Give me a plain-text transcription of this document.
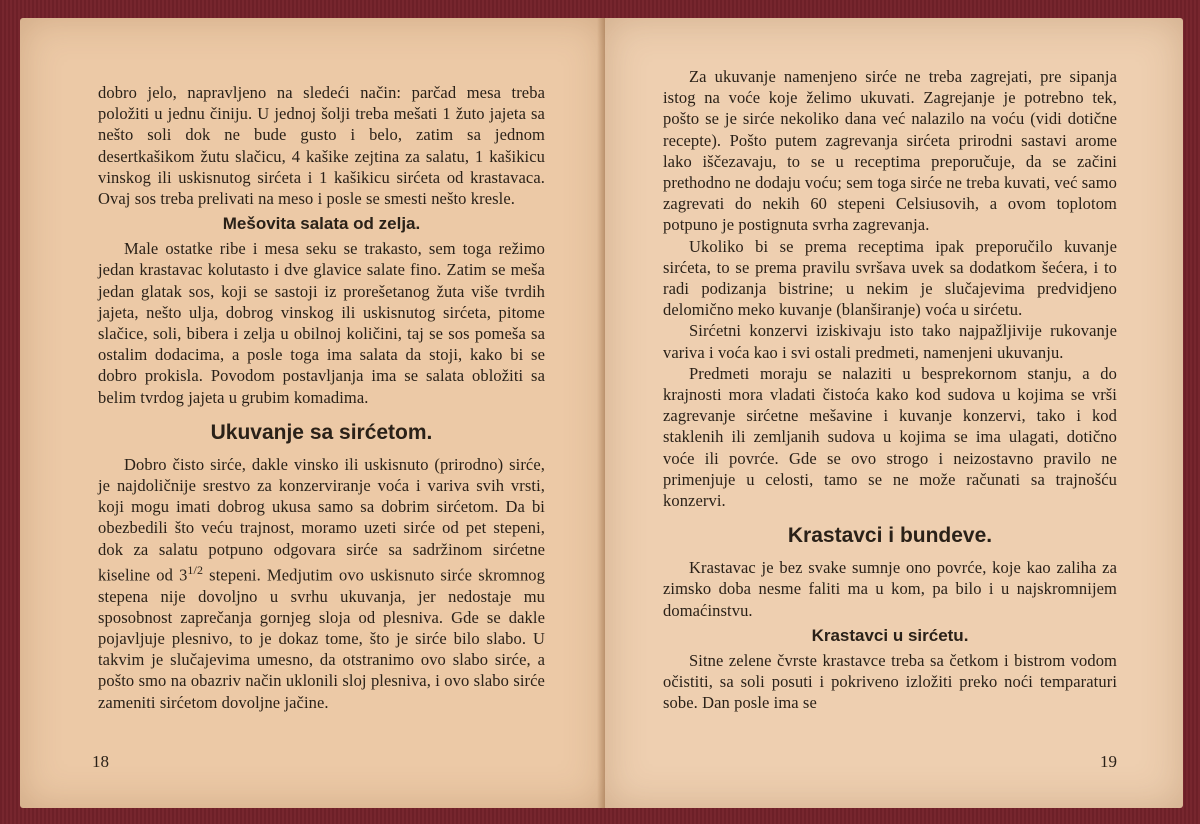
dobro jelo, napravljeno na sledeći način: parčad mesa treba položiti u jednu činiju. U jednoj šolji treba mešati 1 žuto jajeta sa nešto soli dok ne bude gusto i belo, zatim sa jednom desertkašikom žutu slačicu, 4 kašike zejtina za salatu, 1 kašikicu vinskog ili uskisnutog sirćeta i 1 kašikicu sirćeta od krastavaca. Ovaj sos treba prelivati na meso i posle se smesti nešto kresle.

Mešovita salata od zelja.

Male ostatke ribe i mesa seku se trakasto, sem toga režimo jedan krastavac kolutasto i dve glavice salate fino. Zatim se meša jedan glatak sos, koji se sastoji iz prorešetanog žuta više tvrdih jajeta, nešto ulja, dobrog vinskog ili uskisnutog sirćeta, pitome slačice, soli, bibera i zelja u obilnoj količini, taj se sos pomeša sa ostalim dodacima, a posle toga ima salata da stoji, kako bi se dobro prokisla. Povodom postavljanja ima se salata obložiti sa belim tvrdog jajeta u grubim komadima.

Ukuvanje sa sirćetom.

Dobro čisto sirće, dakle vinsko ili uskisnuto (prirodno) sirće, je najdoličnije srestvo za konzerviranje voća i variva svih vrsti, koji mogu imati dobrog ukusa samo sa dobrim sirćetom. Da bi obezbedili što veću trajnost, moramo uzeti sirće od pet stepeni, dok za salatu potpuno odgovara sirće sa sadržinom sirćetne kiseline od $3^{1/2}$ stepeni. Medjutim ovo uskisnuto sirće skromnog stepena nije dovoljno u svrhu ukuvanja, jer nedostaje mu sposobnost zaprečanja gornjeg sloja od plesniva. Gde se dakle pojavljuje plesnivo, to je dokaz tome, što je sirće bilo slabo. U takvim je slučajevima umesno, da otstranimo ovo slabo sirće, a pošto smo na obazriv način uklonili sloj plesniva, i ovo slabo sirće zameniti sirćetom dovoljne jačine.

18

Za ukuvanje namenjeno sirće ne treba zagrejati, pre sipanja istog na voće koje želimo ukuvati. Zagrejanje je potrebno tek, pošto se je sirće nekoliko dana već nalazilo na voću (vidi dotične recepte). Pošto putem zagrevanja sirćeta prirodni sastavi arome lako iščezavaju, to se u receptima preporučuje, da se začini prethodno ne dodaju voću; sem toga sirće ne treba kuvati, već samo zagrevati do nekih 60 stepeni Celsiusovih, a ovom toplotom potpuno je postignuta svrha zagrevanja.

Ukoliko bi se prema receptima ipak preporučilo kuvanje sirćeta, to se prema pravilu svršava uvek sa dodatkom šećera, i to radi podizanja bistrine; u nekim je slučajevima predvidjeno delomično meko kuvanje (blanširanje) voća u sirćetu.

Sirćetni konzervi iziskivaju isto tako najpažljivije rukovanje variva i voća kao i svi ostali predmeti, namenjeni ukuvanju.

Predmeti moraju se nalaziti u besprekornom stanju, a do krajnosti mora vladati čistoća kako kod sudova u kojima se vrši zagrevanje sirćetne mešavine i kuvanje konzervi, tako i kod staklenih ili zemljanih sudova u kojima se ima ulagati, dotično voće ili povrće. Gde se ovo strogo i neizostavno pravilo ne primenjuje u celosti, tamo se ne može računati sa trajnošću konzervi.

Krastavci i bundeve.

Krastavac je bez svake sumnje ono povrće, koje kao zaliha za zimsko doba nesme faliti ma u kom, pa bilo i u najskromnijem domaćinstvu.

Krastavci u sirćetu.

Sitne zelene čvrste krastavce treba sa četkom i bistrom vodom očistiti, sa soli posuti i pokriveno izložiti preko noći temparaturi sobe. Dan posle ima se

19
